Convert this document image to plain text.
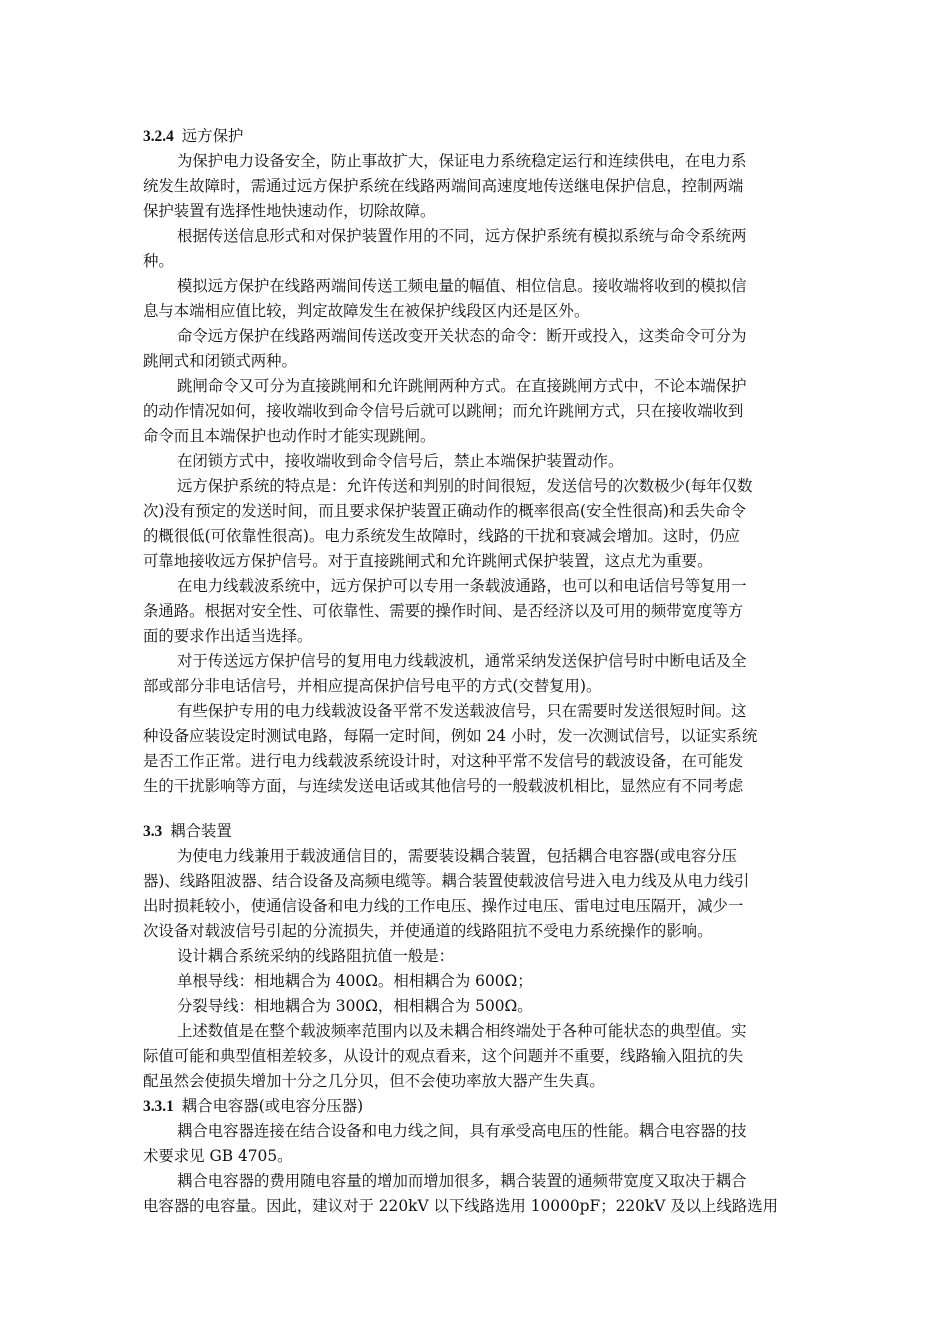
3.2.4 远方保护
为保护电力设备安全，防止事故扩大，保证电力系统稳定运行和连续供电，在电力系
统发生故障时，需通过远方保护系统在线路两端间高速度地传送继电保护信息，控制两端
保护装置有选择性地快速动作，切除故障。
根据传送信息形式和对保护装置作用的不同，远方保护系统有模拟系统与命令系统两
种。
模拟远方保护在线路两端间传送工频电量的幅值、相位信息。接收端将收到的模拟信
息与本端相应值比较，判定故障发生在被保护线段区内还是区外。
命令远方保护在线路两端间传送改变开关状态的命令：断开或投入，这类命令可分为
跳闸式和闭锁式两种。
跳闸命令又可分为直接跳闸和允许跳闸两种方式。在直接跳闸方式中，不论本端保护
的动作情况如何，接收端收到命令信号后就可以跳闸；而允许跳闸方式，只在接收端收到
命令而且本端保护也动作时才能实现跳闸。
在闭锁方式中，接收端收到命令信号后，禁止本端保护装置动作。
远方保护系统的特点是：允许传送和判别的时间很短，发送信号的次数极少(每年仅数
次)没有预定的发送时间，而且要求保护装置正确动作的概率很高(安全性很高)和丢失命令
的概很低(可依靠性很高)。电力系统发生故障时，线路的干扰和衰减会增加。这时，仍应
可靠地接收远方保护信号。对于直接跳闸式和允许跳闸式保护装置，这点尤为重要。
在电力线载波系统中，远方保护可以专用一条载波通路，也可以和电话信号等复用一
条通路。根据对安全性、可依靠性、需要的操作时间、是否经济以及可用的频带宽度等方
面的要求作出适当选择。
对于传送远方保护信号的复用电力线载波机，通常采纳发送保护信号时中断电话及全
部或部分非电话信号，并相应提高保护信号电平的方式(交替复用)。
有些保护专用的电力线载波设备平常不发送载波信号，只在需要时发送很短时间。这
种设备应装设定时测试电路，每隔一定时间，例如 24 小时，发一次测试信号，以证实系统
是否工作正常。进行电力线载波系统设计时，对这种平常不发信号的载波设备，在可能发
生的干扰影响等方面，与连续发送电话或其他信号的一般载波机相比，显然应有不同考虑
3.3 耦合装置
为使电力线兼用于载波通信目的，需要装设耦合装置，包括耦合电容器(或电容分压
器)、线路阻波器、结合设备及高频电缆等。耦合装置使载波信号进入电力线及从电力线引
出时损耗较小，使通信设备和电力线的工作电压、操作过电压、雷电过电压隔开，减少一
次设备对载波信号引起的分流损失，并使通道的线路阻抗不受电力系统操作的影响。
设计耦合系统采纳的线路阻抗值一般是：
单根导线：相地耦合为 400Ω。相相耦合为 600Ω；
分裂导线：相地耦合为 300Ω，相相耦合为 500Ω。
上述数值是在整个载波频率范围内以及未耦合相终端处于各种可能状态的典型值。实
际值可能和典型值相差较多，从设计的观点看来，这个问题并不重要，线路输入阻抗的失
配虽然会使损失增加十分之几分贝，但不会使功率放大器产生失真。
3.3.1 耦合电容器(或电容分压器)
耦合电容器连接在结合设备和电力线之间，具有承受高电压的性能。耦合电容器的技
术要求见 GB 4705。
耦合电容器的费用随电容量的增加而增加很多，耦合装置的通频带宽度又取决于耦合
电容器的电容量。因此，建议对于 220kV 以下线路选用 10000pF；220kV 及以上线路选用
